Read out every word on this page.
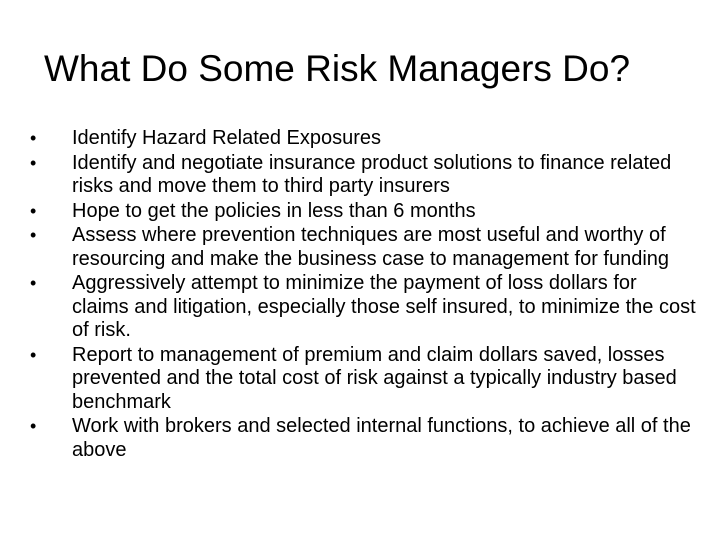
What Do Some Risk Managers Do?
•	Identify Hazard Related Exposures
•	Identify and negotiate insurance product solutions to finance related risks and move them to third party insurers
•	Hope to get the policies in less than 6 months
•	Assess where prevention techniques are most useful and worthy of resourcing and make the business case to management for funding
•	Aggressively attempt to minimize the payment of loss dollars for claims and litigation, especially those self insured, to minimize the cost of risk.
•	Report to management of premium and claim dollars saved, losses prevented and the total cost of risk against a typically industry based benchmark
•	Work with brokers and selected internal functions, to achieve all of the above
